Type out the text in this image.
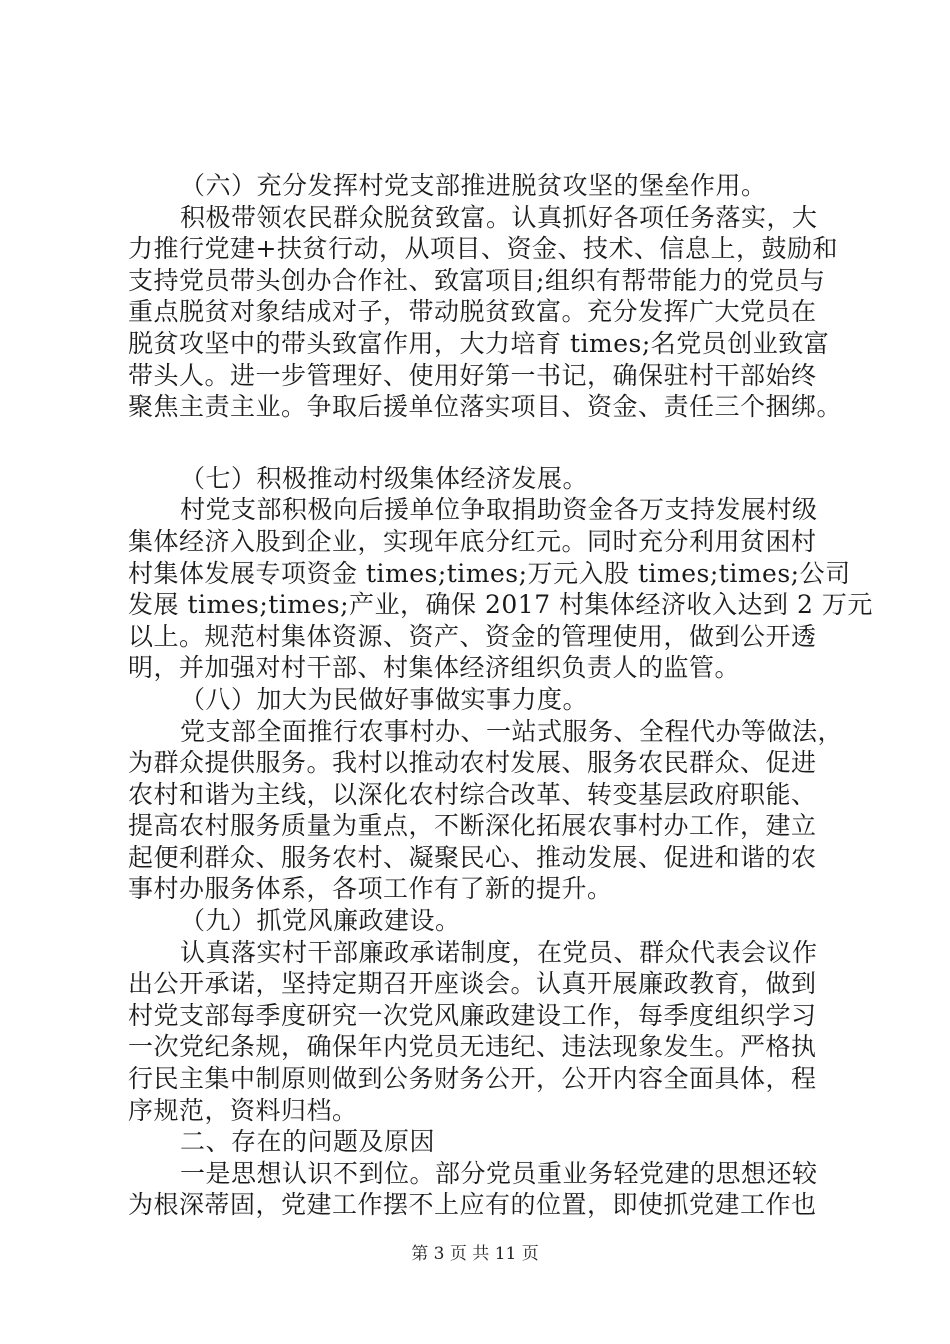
（六）充分发挥村党支部推进脱贫攻坚的堡垒作用。
积极带领农民群众脱贫致富。认真抓好各项任务落实，大
力推行党建+扶贫行动，从项目、资金、技术、信息上，鼓励和
支持党员带头创办合作社、致富项目;组织有帮带能力的党员与
重点脱贫对象结成对子，带动脱贫致富。充分发挥广大党员在
脱贫攻坚中的带头致富作用，大力培育 times;名党员创业致富
带头人。进一步管理好、使用好第一书记，确保驻村干部始终
聚焦主责主业。争取后援单位落实项目、资金、责任三个捆绑。
（七）积极推动村级集体经济发展。
村党支部积极向后援单位争取捐助资金各万支持发展村级
集体经济入股到企业，实现年底分红元。同时充分利用贫困村
村集体发展专项资金 times;times;万元入股 times;times;公司
发展 times;times;产业，确保 2017 村集体经济收入达到 2 万元
以上。规范村集体资源、资产、资金的管理使用，做到公开透
明，并加强对村干部、村集体经济组织负责人的监管。
（八）加大为民做好事做实事力度。
党支部全面推行农事村办、一站式服务、全程代办等做法，
为群众提供服务。我村以推动农村发展、服务农民群众、促进
农村和谐为主线，以深化农村综合改革、转变基层政府职能、
提高农村服务质量为重点，不断深化拓展农事村办工作，建立
起便利群众、服务农村、凝聚民心、推动发展、促进和谐的农
事村办服务体系，各项工作有了新的提升。
（九）抓党风廉政建设。
认真落实村干部廉政承诺制度，在党员、群众代表会议作
出公开承诺，坚持定期召开座谈会。认真开展廉政教育，做到
村党支部每季度研究一次党风廉政建设工作，每季度组织学习
一次党纪条规，确保年内党员无违纪、违法现象发生。严格执
行民主集中制原则做到公务财务公开，公开内容全面具体，程
序规范，资料归档。
二、存在的问题及原因
一是思想认识不到位。部分党员重业务轻党建的思想还较
为根深蒂固，党建工作摆不上应有的位置，即使抓党建工作也
第 3 页 共 11 页
